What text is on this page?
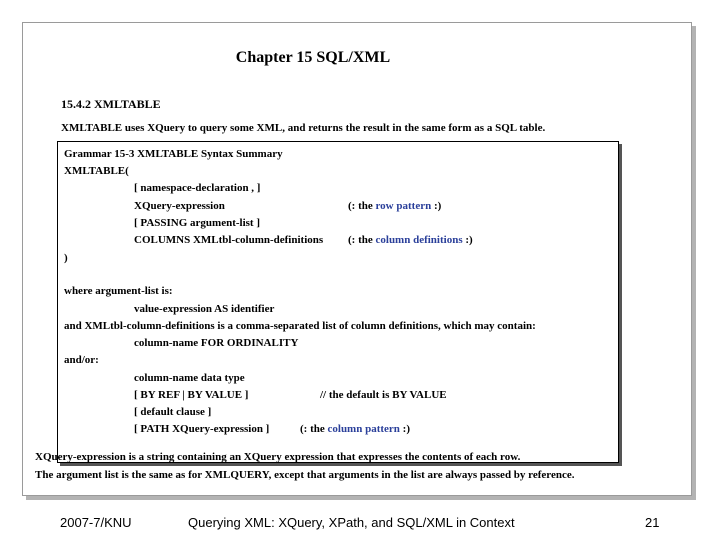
Chapter 15 SQL/XML
15.4.2 XMLTABLE
XMLTABLE uses XQuery to query some XML, and returns the result in the same form as a SQL table.
Grammar 15-3 XMLTABLE Syntax Summary
XMLTABLE(
[ namespace-declaration , ]
XQuery-expression	(: the row pattern :)
[ PASSING argument-list ]
COLUMNS XMLtbl-column-definitions (: the column definitions :)
)
where argument-list is:
value-expression AS identifier
and XMLtbl-column-definitions is a comma-separated list of column definitions, which may contain:
column-name FOR ORDINALITY
and/or:
column-name data type
[ BY REF | BY VALUE ]	// the default is BY VALUE
[ default clause ]
[ PATH XQuery-expression ]	(: the column pattern :)
XQuery-expression is a string containing an XQuery expression that expresses the contents of each row.
The argument list is the same as for XMLQUERY, except that arguments in the list are always passed by reference.
2007-7/KNU	Querying XML: XQuery, XPath, and SQL/XML in Context	21
